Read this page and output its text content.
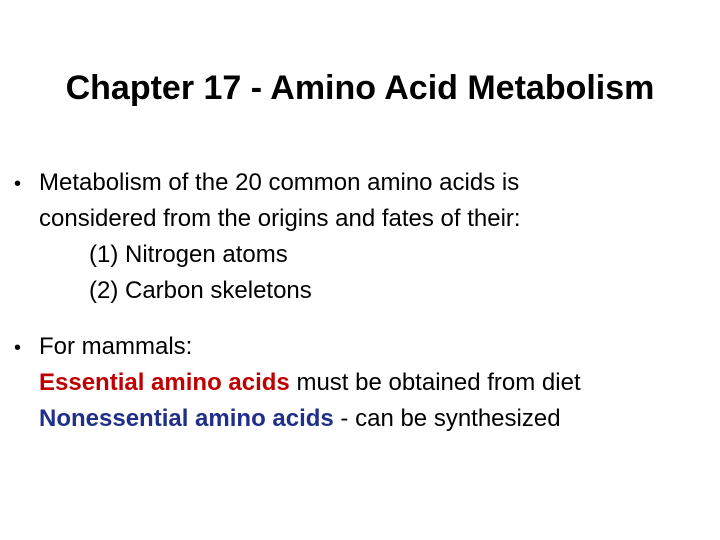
Chapter 17 - Amino Acid Metabolism
• Metabolism of the 20 common amino acids is
considered from the origins and fates of their:
(1) Nitrogen atoms
(2) Carbon skeletons
• For mammals:
Essential amino acids must be obtained from diet
Nonessential amino acids - can be synthesized
